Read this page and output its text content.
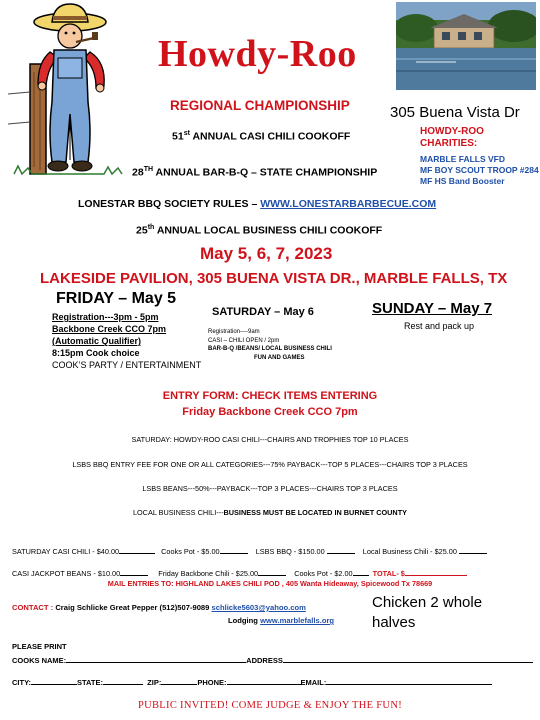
Howdy-Roo
REGIONAL CHAMPIONSHIP	305 Buena Vista Dr
51st ANNUAL CASI CHILI COOKOFF
28TH ANNUAL BAR-B-Q – STATE CHAMPIONSHIP
LONESTAR BBQ SOCIETY RULES – WWW.LONESTARBARBECUE.COM
25th ANNUAL LOCAL BUSINESS CHILI COOKOFF
HOWDY-ROO
CHARITIES:
MARBLE FALLS VFD
MF BOY SCOUT TROOP #284
MF HS Band Booster
May 5, 6, 7, 2023
LAKESIDE PAVILION, 305 BUENA VISTA DR., MARBLE FALLS, TX
FRIDAY – May 5
Registration---3pm - 5pm
Backbone Creek CCO 7pm
(Automatic Qualifier)
8:15pm Cook choice
COOK’S PARTY / ENTERTAINMENT
SATURDAY – May 6
Registration----9am
CASI – CHILI OPEN / 2pm
BAR-B-Q /BEANS/ LOCAL BUSINESS CHILI
FUN AND GAMES
SUNDAY – May 7
Rest and pack up
ENTRY FORM: CHECK ITEMS ENTERING
Friday Backbone Creek CCO 7pm
SATURDAY: HOWDY-ROO CASI CHILI---CHAIRS AND TROPHIES TOP 10 PLACES
LSBS BBQ ENTRY FEE FOR ONE OR ALL CATEGORIES---75% PAYBACK---TOP 5 PLACES---CHAIRS TOP 3 PLACES
LSBS BEANS---50%---PAYBACK---TOP 3 PLACES---CHAIRS TOP 3 PLACES
LOCAL BUSINESS CHILI---BUSINESS MUST BE LOCATED IN BURNET COUNTY
SATURDAY CASI CHILI - $40.00	Cooks Pot - $5.00	LSBS BBQ - $150.00	Local Business Chili - $25.00
CASI JACKPOT BEANS - $10.00	Friday Backbone Chili - $25.00	Cooks Pot - $2.00	TOTAL- $
MAIL ENTRIES TO: HIGHLAND LAKES CHILI POD , 405 Wanta Hideaway, Spicewood Tx 78669
CONTACT : Craig Schlicke Great Pepper (512)507-9089 schlicke5603@yahoo.com
Lodging www.marblefalls.org
Chicken 2 whole halves
PLEASE PRINT
COOKS NAME:	ADDRESS
CITY:	STATE:	ZIP:	PHONE:	EMAIL:
PUBLIC INVITED! COME JUDGE & ENJOY THE FUN!
